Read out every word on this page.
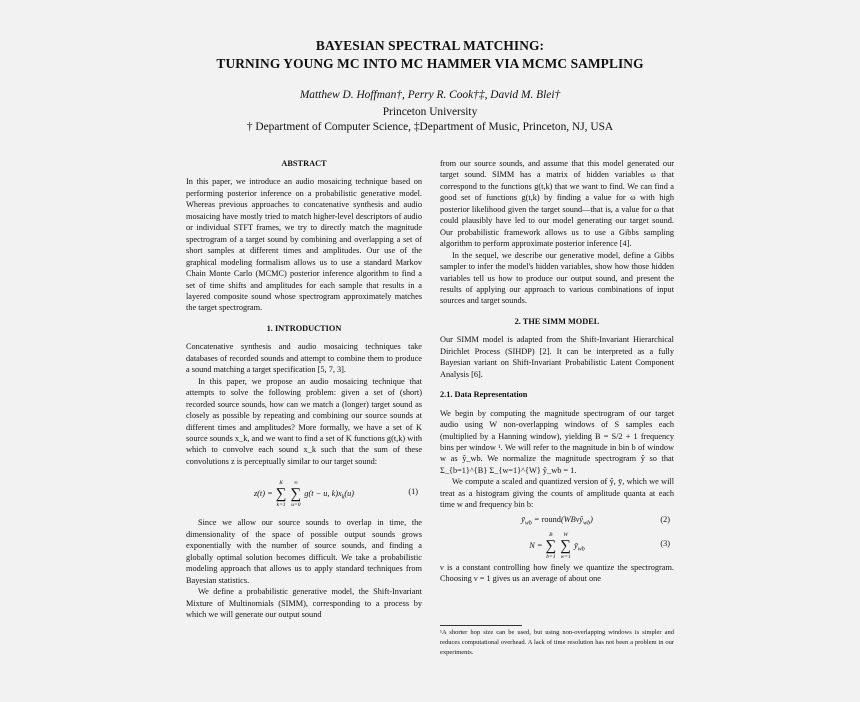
BAYESIAN SPECTRAL MATCHING:
TURNING YOUNG MC INTO MC HAMMER VIA MCMC SAMPLING
Matthew D. Hoffman†, Perry R. Cook†‡, David M. Blei†
Princeton University
† Department of Computer Science, ‡Department of Music, Princeton, NJ, USA
ABSTRACT

In this paper, we introduce an audio mosaicing technique based on performing posterior inference on a probabilistic generative model. Whereas previous approaches to concatenative synthesis and audio mosaicing have mostly tried to match higher-level descriptors of audio or individual STFT frames, we try to directly match the magnitude spectrogram of a target sound by combining and overlapping a set of short samples at different times and amplitudes. Our use of the graphical modeling formalism allows us to use a standard Markov Chain Monte Carlo (MCMC) posterior inference algorithm to find a set of time shifts and amplitudes for each sample that results in a layered composite sound whose spectrogram approximately matches the target spectrogram.

1. INTRODUCTION

Concatenative synthesis and audio mosaicing techniques take databases of recorded sounds and attempt to combine them to produce a sound matching a target specification [5, 7, 3].

In this paper, we propose an audio mosaicing technique that attempts to solve the following problem: given a set of (short) recorded source sounds, how can we match a (longer) target sound as closely as possible by repeating and combining our source sounds at different times and amplitudes? More formally, we have a set of K source sounds x_k, and we want to find a set of K functions g(t,k) with which to convolve each sound x_k such that the sum of these convolutions z is perceptually similar to our target sound:

z(t) =
K
∑
k=1

∞
∑
u=0
g(t − u, $k)x_k(u)$	(1)

Since we allow our source sounds to overlap in time, the dimensionality of the space of possible output sounds grows exponentially with the number of source sounds, and finding a globally optimal solution becomes difficult. We take a probabilistic modeling approach that allows us to apply standard techniques from Bayesian statistics.

We define a probabilistic generative model, the Shift-Invariant Mixture of Multinomials (SIMM), corresponding to a process by which we will generate our output sound

from our source sounds, and assume that this model generated our target sound. SIMM has a matrix of hidden variables ω that correspond to the functions g(t,k) that we want to find. We can find a good set of functions g(t,k) by finding a value for ω with high posterior likelihood given the target sound—that is, a value for ω that could plausibly have led to our model generating our target sound. Our probabilistic framework allows us to use a Gibbs sampling algorithm to perform approximate posterior inference [4].

In the sequel, we describe our generative model, define a Gibbs sampler to infer the model's hidden variables, show how those hidden variables tell us how to produce our output sound, and present the results of applying our approach to various combinations of input sources and target sounds.

2. THE SIMM MODEL

Our SIMM model is adapted from the Shift-Invariant Hierarchical Dirichlet Process (SIHDP) [2]. It can be interpreted as a fully Bayesian variant on Shift-Invariant Probabilistic Latent Component Analysis [6].

2.1. Data Representation

We begin by computing the magnitude spectrogram of our target audio using W non-overlapping windows of S samples each (multiplied by a Hanning window), yielding B = S/2 + 1 frequency bins per window ¹. We will refer to the magnitude in bin b of window w as ŷ_wb. We normalize the magnitude spectrogram ŷ so that Σ_{b=1}^{B} Σ_{w=1}^{W} ŷ_wb = 1.

We compute a scaled and quantized version of ŷ, ȳ, which we will treat as a histogram giving the counts of amplitude quanta at each time w and frequency bin b:

$ȳ_{wb}$ = round(WBνŷ$_{wb}$)	(2)
N =
B
∑
b=1

W
∑
w=1
$ȳ_{wb}$
(3)

ν is a constant controlling how finely we quantize the spectrogram. Choosing ν = 1 gives us an average of about one

¹A shorter hop size can be used, but using non-overlapping windows is simpler and reduces computational overhead. A lack of time resolution has not been a problem in our experiments.
